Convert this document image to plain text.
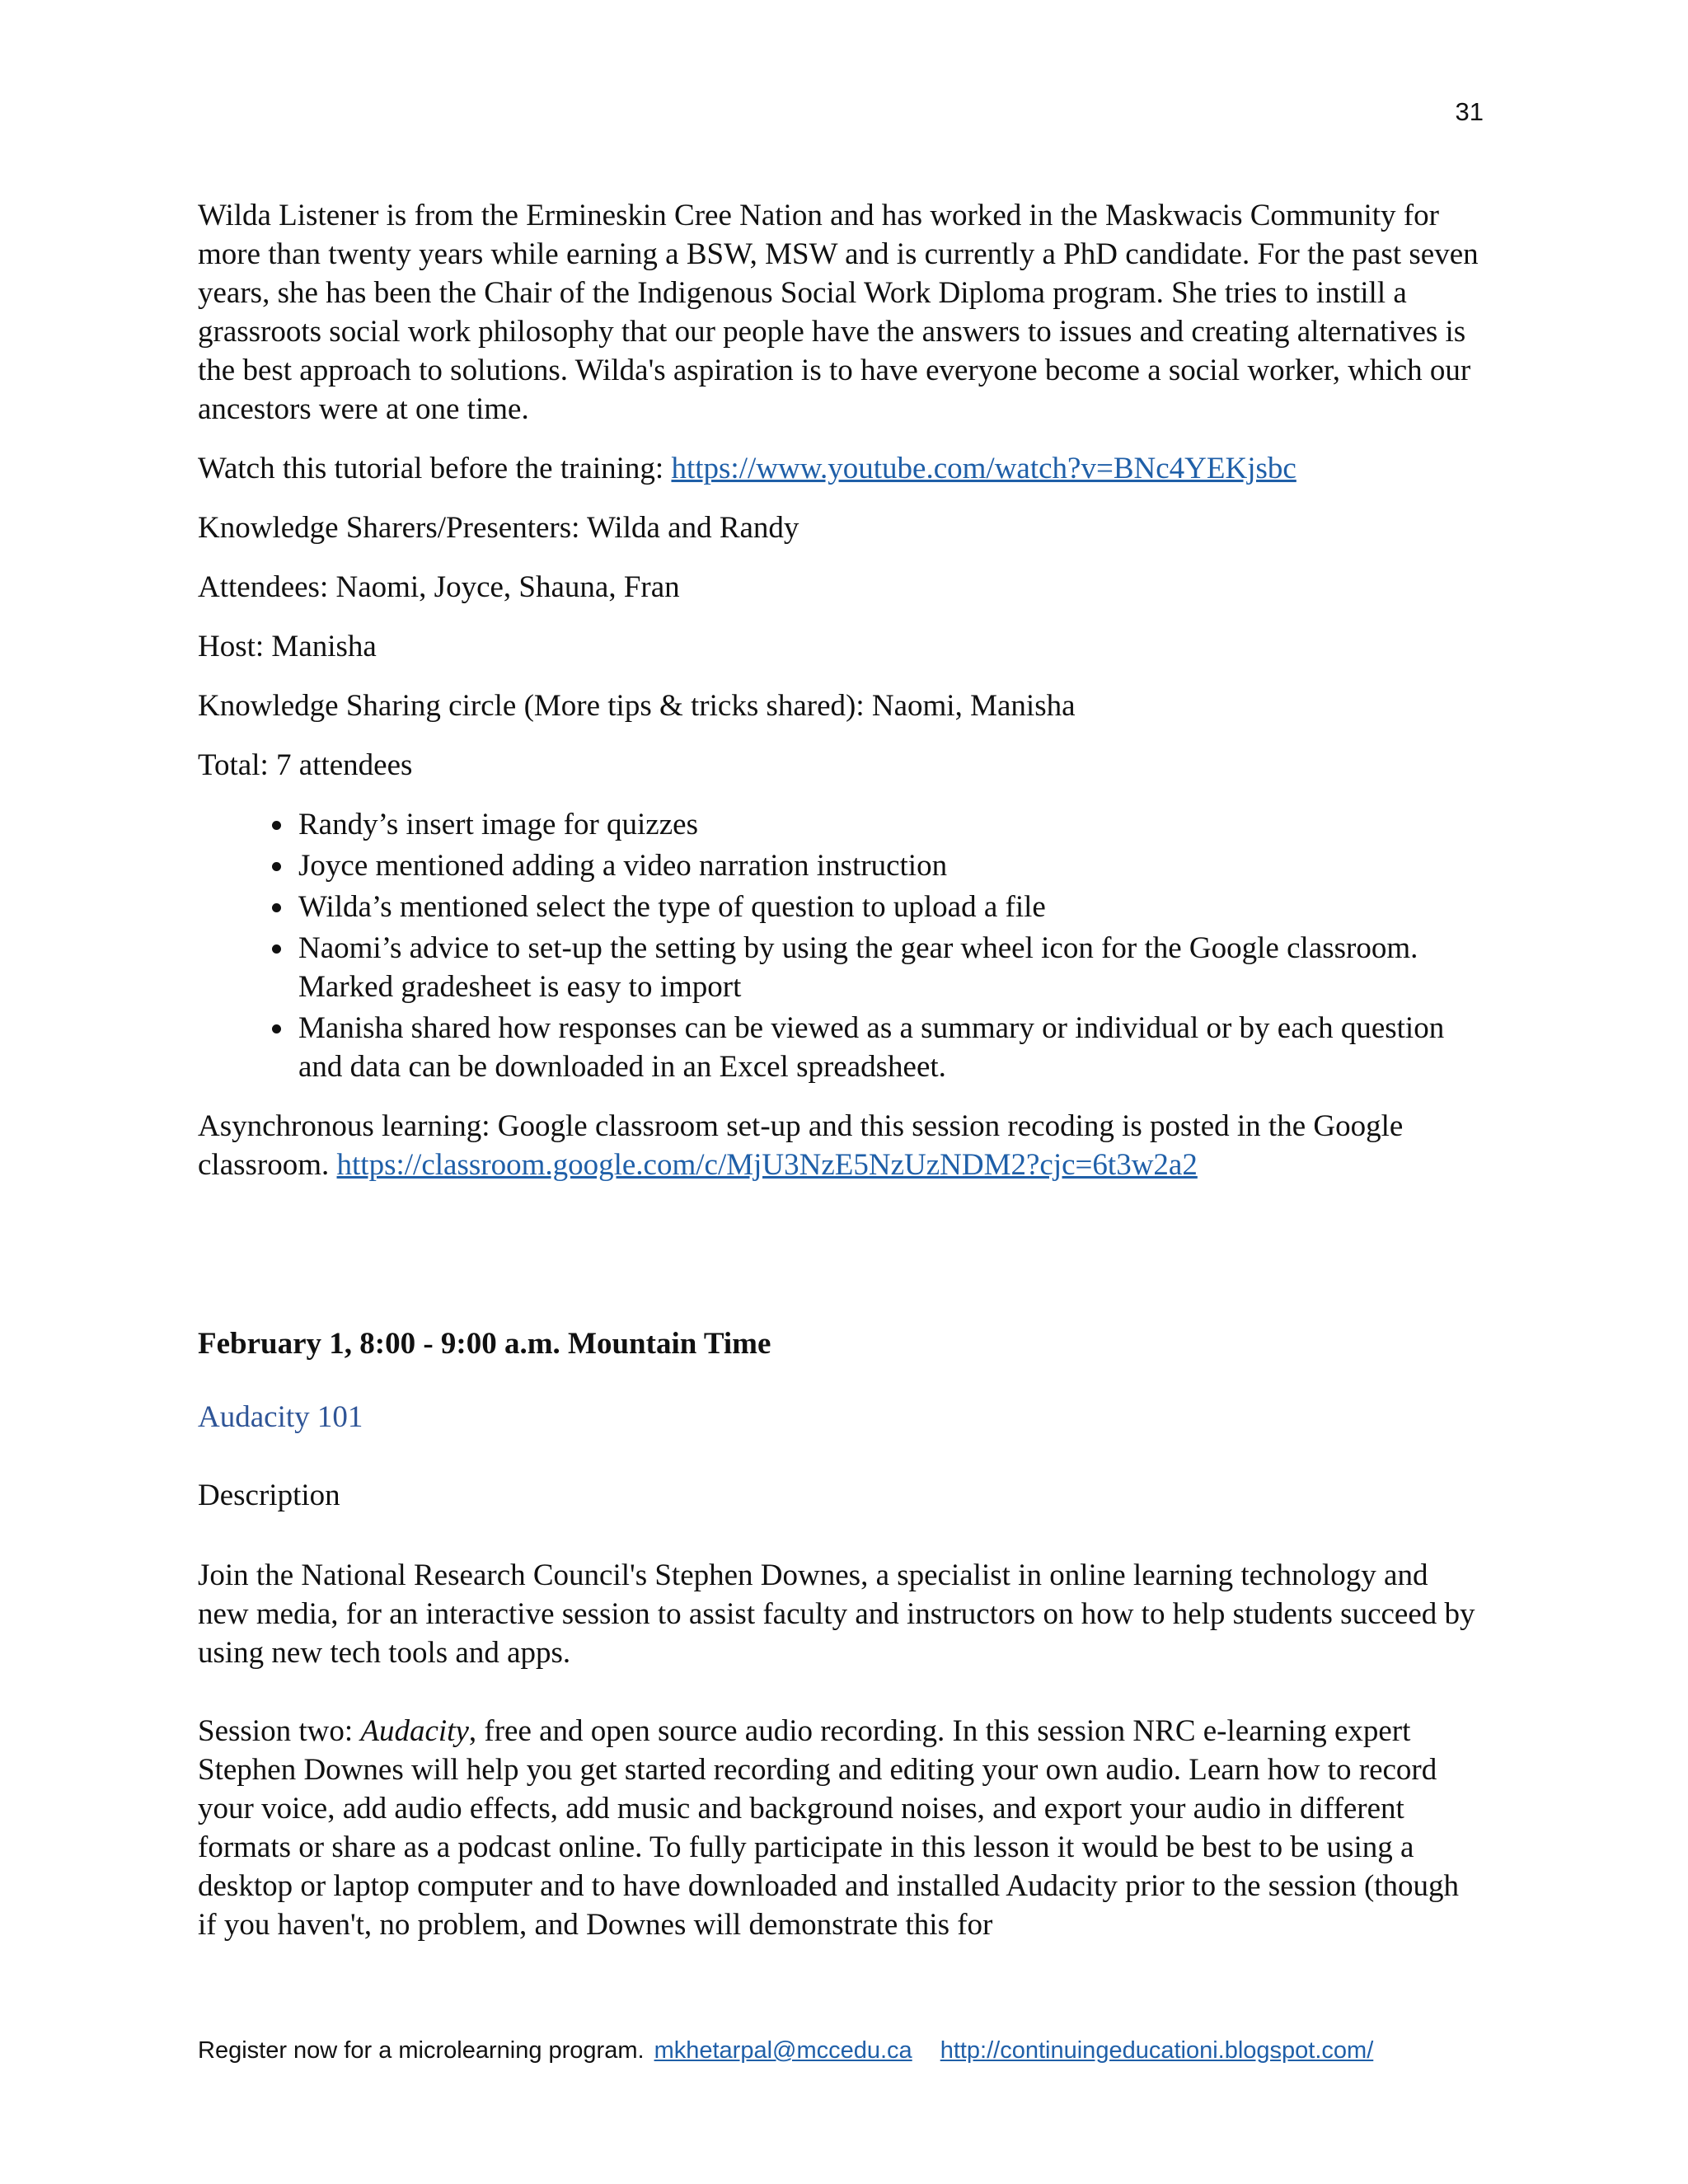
31

Wilda Listener is from the Ermineskin Cree Nation and has worked in the Maskwacis Community for more than twenty years while earning a BSW, MSW and is currently a PhD candidate. For the past seven years, she has been the Chair of the Indigenous Social Work Diploma program. She tries to instill a grassroots social work philosophy that our people have the answers to issues and creating alternatives is the best approach to solutions. Wilda's aspiration is to have everyone become a social worker, which our ancestors were at one time.

Watch this tutorial before the training: https://www.youtube.com/watch?v=BNc4YEKjsbc

Knowledge Sharers/Presenters: Wilda and Randy

Attendees: Naomi, Joyce, Shauna, Fran

Host: Manisha

Knowledge Sharing circle (More tips & tricks shared): Naomi, Manisha

Total: 7 attendees

• Randy’s insert image for quizzes
• Joyce mentioned adding a video narration instruction
• Wilda’s mentioned select the type of question to upload a file
• Naomi’s advice to set-up the setting by using the gear wheel icon for the Google classroom. Marked gradesheet is easy to import
• Manisha shared how responses can be viewed as a summary or individual or by each question and data can be downloaded in an Excel spreadsheet.

Asynchronous learning: Google classroom set-up and this session recoding is posted in the Google classroom. https://classroom.google.com/c/MjU3NzE5NzUzNDM2?cjc=6t3w2a2

February 1, 8:00 - 9:00 a.m. Mountain Time

Audacity 101

Description

Join the National Research Council's Stephen Downes, a specialist in online learning technology and new media, for an interactive session to assist faculty and instructors on how to help students succeed by using new tech tools and apps.

Session two: Audacity, free and open source audio recording. In this session NRC e-learning expert Stephen Downes will help you get started recording and editing your own audio. Learn how to record your voice, add audio effects, add music and background noises, and export your audio in different formats or share as a podcast online. To fully participate in this lesson it would be best to be using a desktop or laptop computer and to have downloaded and installed Audacity prior to the session (though if you haven't, no problem, and Downes will demonstrate this for

Register now for a microlearning program. mkhetarpal@mccedu.ca http://continuingeducationi.blogspot.com/
